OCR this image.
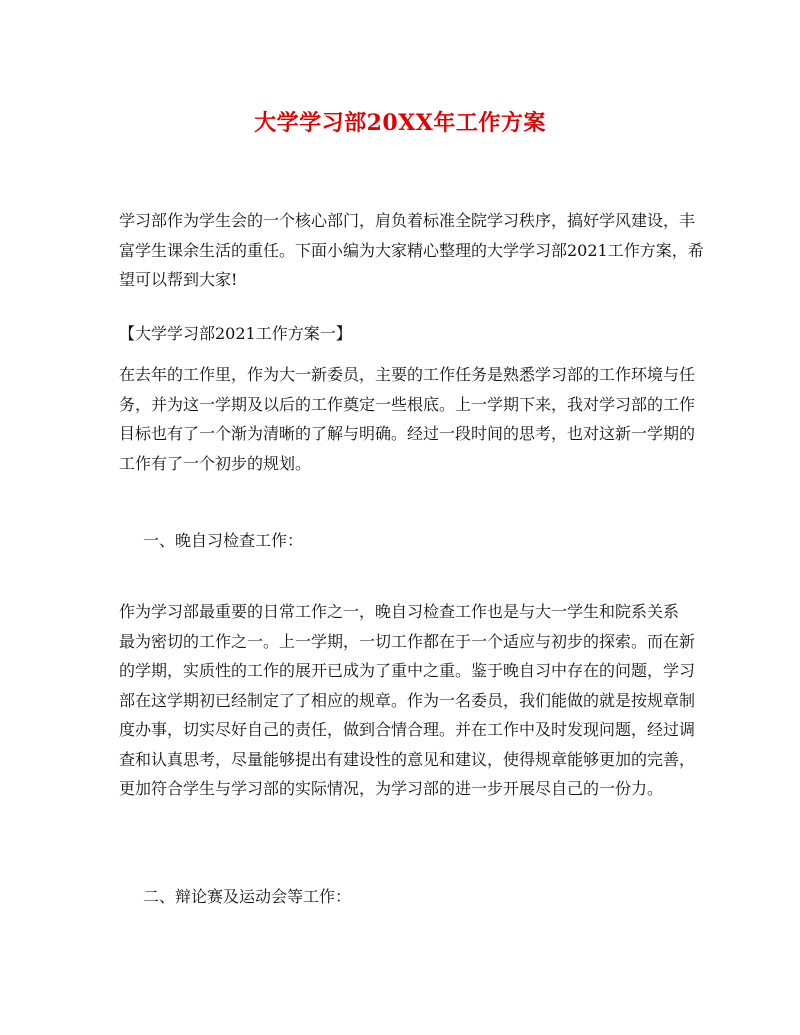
大学学习部20XX年工作方案
学习部作为学生会的一个核心部门，肩负着标准全院学习秩序，搞好学风建设，丰
富学生课余生活的重任。下面小编为大家精心整理的大学学习部2021工作方案，希
望可以帮到大家!
【大学学习部2021工作方案一】
在去年的工作里，作为大一新委员，主要的工作任务是熟悉学习部的工作环境与任
务，并为这一学期及以后的工作奠定一些根底。上一学期下来，我对学习部的工作
目标也有了一个渐为清晰的了解与明确。经过一段时间的思考，也对这新一学期的
工作有了一个初步的规划。
一、晚自习检查工作：
作为学习部最重要的日常工作之一，晚自习检查工作也是与大一学生和院系关系
最为密切的工作之一。上一学期，一切工作都在于一个适应与初步的探索。而在新
的学期，实质性的工作的展开已成为了重中之重。鉴于晚自习中存在的问题，学习
部在这学期初已经制定了了相应的规章。作为一名委员，我们能做的就是按规章制
度办事，切实尽好自己的责任，做到合情合理。并在工作中及时发现问题，经过调
查和认真思考，尽量能够提出有建设性的意见和建议，使得规章能够更加的完善，
更加符合学生与学习部的实际情况，为学习部的进一步开展尽自己的一份力。
二、辩论赛及运动会等工作：
